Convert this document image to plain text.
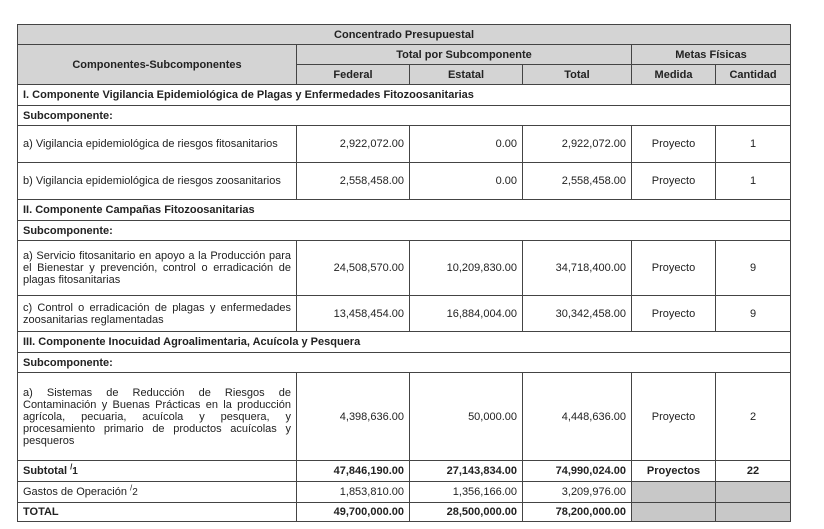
Concentrado Presupuestal					
Componentes-Subcomponentes	Total por Subcomponente			Metas Físicas	
	Federal	Estatal	Total	Medida	Cantidad
I. Componente Vigilancia Epidemiológica de Plagas y Enfermedades Fitozoosanitarias					
Subcomponente:					
a) Vigilancia epidemiológica de riesgos fitosanitarios	2,922,072.00	0.00	2,922,072.00	Proyecto	1
b) Vigilancia epidemiológica de riesgos zoosanitarios	2,558,458.00	0.00	2,558,458.00	Proyecto	1
II. Componente Campañas Fitozoosanitarias					
Subcomponente:					
a) Servicio fitosanitario en apoyo a la Producción para el Bienestar y prevención, control o erradicación de plagas fitosanitarias	24,508,570.00	10,209,830.00	34,718,400.00	Proyecto	9
c) Control o erradicación de plagas y enfermedades zoosanitarias reglamentadas	13,458,454.00	16,884,004.00	30,342,458.00	Proyecto	9
III. Componente Inocuidad Agroalimentaria, Acuícola y Pesquera					
Subcomponente:					
a) Sistemas de Reducción de Riesgos de Contaminación y Buenas Prácticas en la producción agrícola, pecuaria, acuícola y pesquera, y procesamiento primario de productos acuícolas y pesqueros	4,398,636.00	50,000.00	4,448,636.00	Proyecto	2
Subtotal /1	47,846,190.00	27,143,834.00	74,990,024.00	Proyectos	22
Gastos de Operación /2	1,853,810.00	1,356,166.00	3,209,976.00		
TOTAL	49,700,000.00	28,500,000.00	78,200,000.00		
